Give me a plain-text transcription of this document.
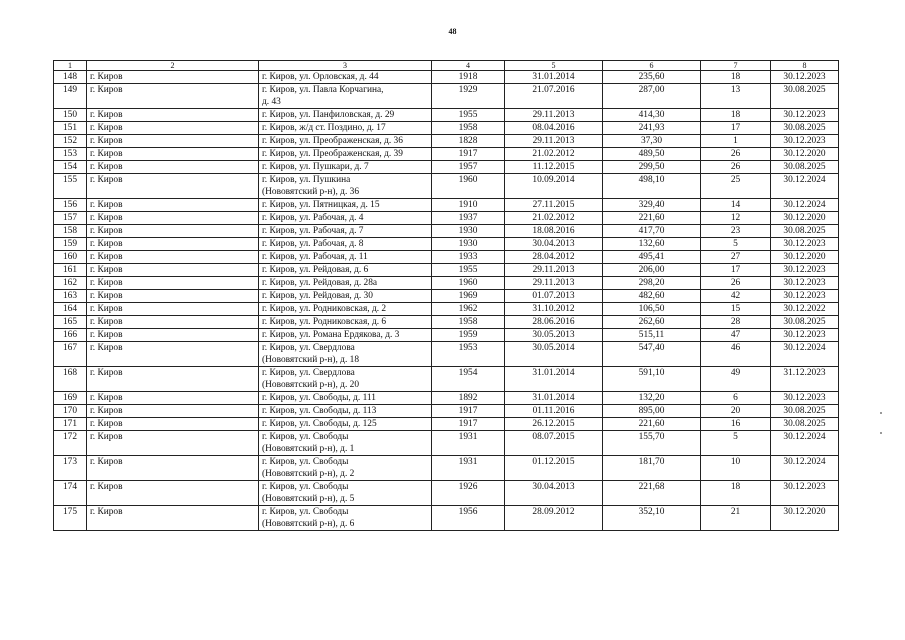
48
1	2	3	4	5	6	7	8
148	г. Киров	г. Киров, ул. Орловская, д. 44	1918	31.01.2014	235,60	18	30.12.2023
149	г. Киров	г. Киров, ул. Павла Корчагина,
д. 43	1929	21.07.2016	287,00	13	30.08.2025
150	г. Киров	г. Киров, ул. Панфиловская, д. 29	1955	29.11.2013	414,30	18	30.12.2023
151	г. Киров	г. Киров, ж/д ст. Поздино, д. 17	1958	08.04.2016	241,93	17	30.08.2025
152	г. Киров	г. Киров, ул. Преображенская, д. 36	1828	29.11.2013	37,30	1	30.12.2023
153	г. Киров	г. Киров, ул. Преображенская, д. 39	1917	21.02.2012	489,50	26	30.12.2020
154	г. Киров	г. Киров, ул. Пушкари, д. 7	1957	11.12.2015	299,50	26	30.08.2025
155	г. Киров	г. Киров, ул. Пушкина
(Нововятский р-н), д. 36	1960	10.09.2014	498,10	25	30.12.2024
156	г. Киров	г. Киров, ул. Пятницкая, д. 15	1910	27.11.2015	329,40	14	30.12.2024
157	г. Киров	г. Киров, ул. Рабочая, д. 4	1937	21.02.2012	221,60	12	30.12.2020
158	г. Киров	г. Киров, ул. Рабочая, д. 7	1930	18.08.2016	417,70	23	30.08.2025
159	г. Киров	г. Киров, ул. Рабочая, д. 8	1930	30.04.2013	132,60	5	30.12.2023
160	г. Киров	г. Киров, ул. Рабочая, д. 11	1933	28.04.2012	495,41	27	30.12.2020
161	г. Киров	г. Киров, ул. Рейдовая, д. 6	1955	29.11.2013	206,00	17	30.12.2023
162	г. Киров	г. Киров, ул. Рейдовая, д. 28а	1960	29.11.2013	298,20	26	30.12.2023
163	г. Киров	г. Киров, ул. Рейдовая, д. 30	1969	01.07.2013	482,60	42	30.12.2023
164	г. Киров	г. Киров, ул. Родниковская, д. 2	1962	31.10.2012	106,50	15	30.12.2022
165	г. Киров	г. Киров, ул. Родниковская, д. 6	1958	28.06.2016	262,60	28	30.08.2025
166	г. Киров	г. Киров, ул. Романа Ердякова, д. 3	1959	30.05.2013	515,11	47	30.12.2023
167	г. Киров	г. Киров, ул. Свердлова
(Нововятский р-н), д. 18	1953	30.05.2014	547,40	46	30.12.2024
168	г. Киров	г. Киров, ул. Свердлова
(Нововятский р-н), д. 20	1954	31.01.2014	591,10	49	31.12.2023
169	г. Киров	г. Киров, ул. Свободы, д. 111	1892	31.01.2014	132,20	6	30.12.2023
170	г. Киров	г. Киров, ул. Свободы, д. 113	1917	01.11.2016	895,00	20	30.08.2025
171	г. Киров	г. Киров, ул. Свободы, д. 125	1917	26.12.2015	221,60	16	30.08.2025
172	г. Киров	г. Киров, ул. Свободы
(Нововятский р-н), д. 1	1931	08.07.2015	155,70	5	30.12.2024
173	г. Киров	г. Киров, ул. Свободы
(Нововятский р-н), д. 2	1931	01.12.2015	181,70	10	30.12.2024
174	г. Киров	г. Киров, ул. Свободы
(Нововятский р-н), д. 5	1926	30.04.2013	221,68	18	30.12.2023
175	г. Киров	г. Киров, ул. Свободы
(Нововятский р-н), д. 6	1956	28.09.2012	352,10	21	30.12.2020
